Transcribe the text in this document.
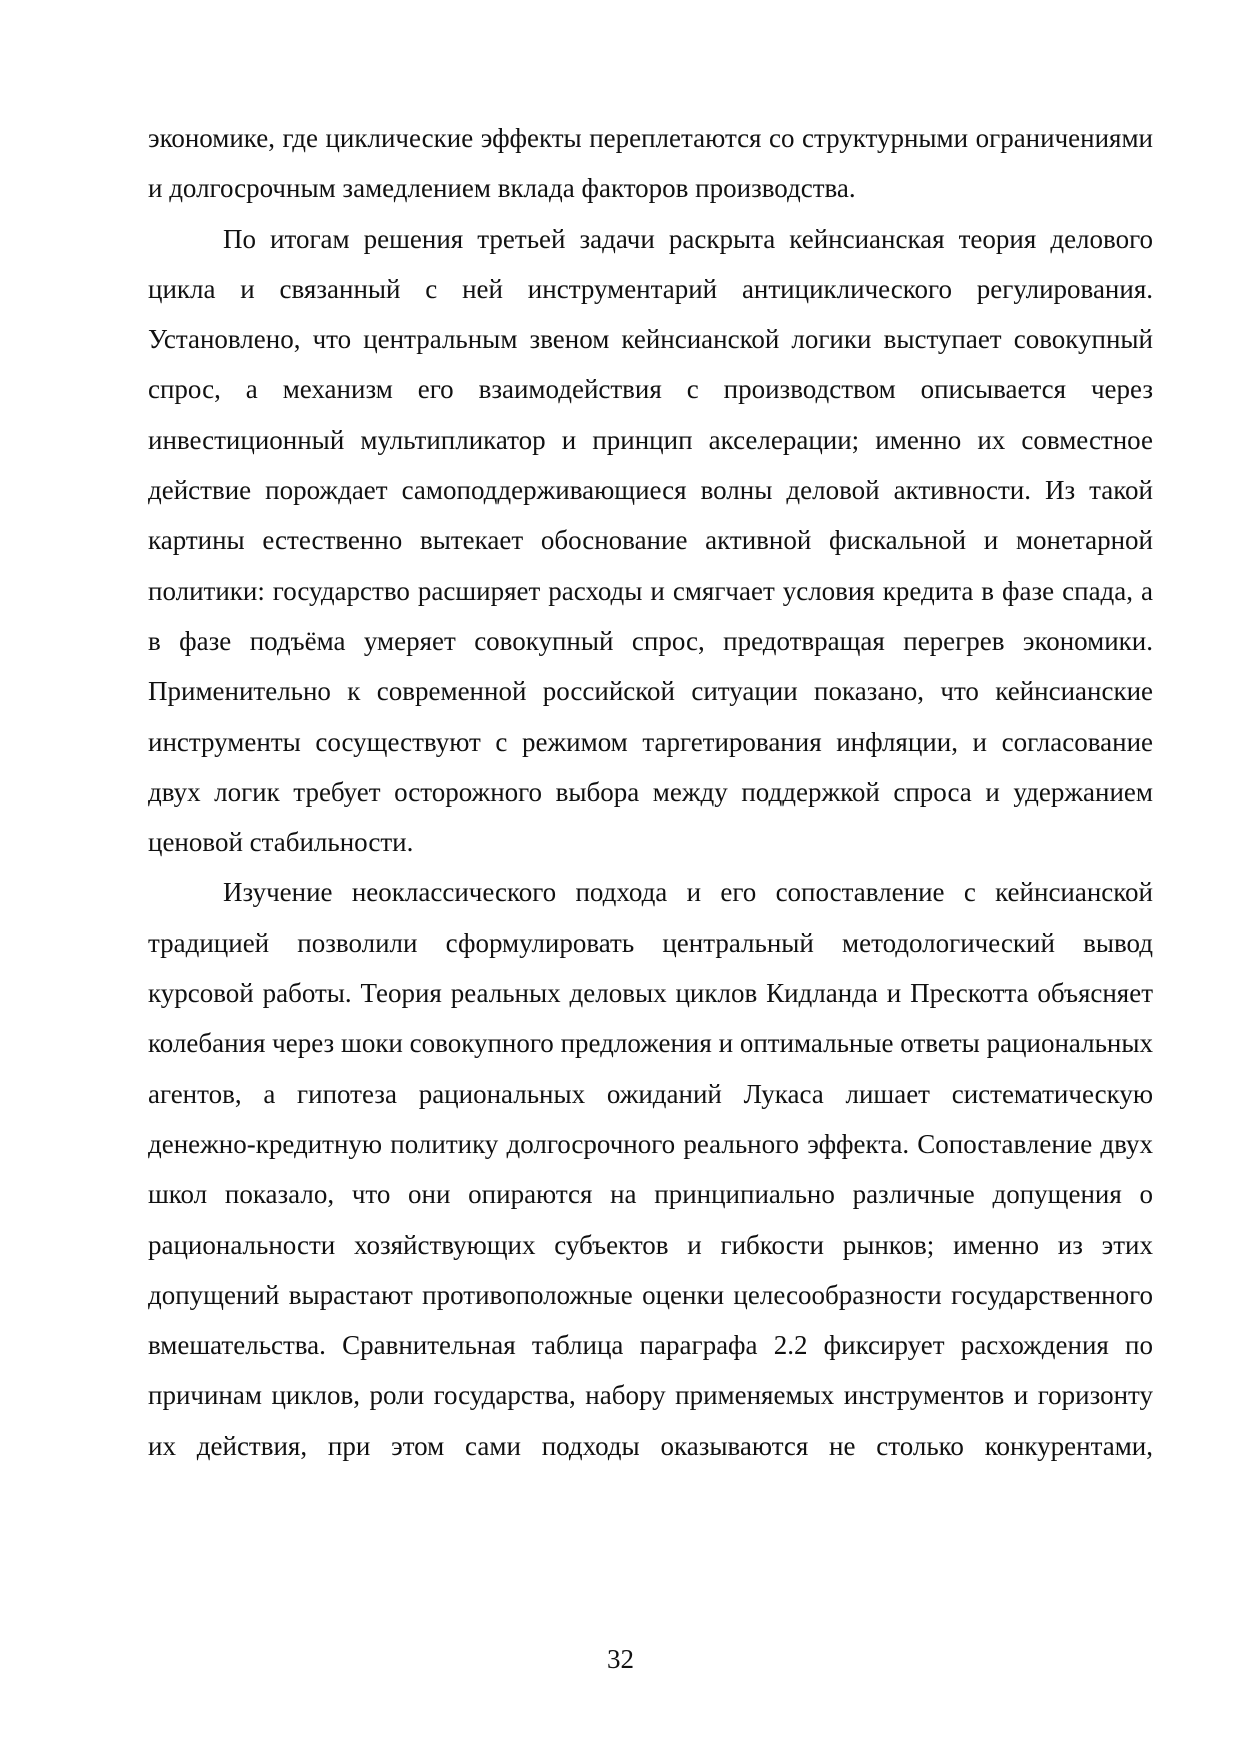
экономике, где циклические эффекты переплетаются со структурными ограничениями и долгосрочным замедлением вклада факторов производства.

По итогам решения третьей задачи раскрыта кейнсианская теория делового цикла и связанный с ней инструментарий антициклического регулирования. Установлено, что центральным звеном кейнсианской логики выступает совокупный спрос, а механизм его взаимодействия с производством описывается через инвестиционный мультипликатор и принцип акселерации; именно их совместное действие порождает самоподдерживающиеся волны деловой активности. Из такой картины естественно вытекает обоснование активной фискальной и монетарной политики: государство расширяет расходы и смягчает условия кредита в фазе спада, а в фазе подъёма умеряет совокупный спрос, предотвращая перегрев экономики. Применительно к современной российской ситуации показано, что кейнсианские инструменты сосуществуют с режимом таргетирования инфляции, и согласование двух логик требует осторожного выбора между поддержкой спроса и удержанием ценовой стабильности.

Изучение неоклассического подхода и его сопоставление с кейнсианской традицией позволили сформулировать центральный методологический вывод курсовой работы. Теория реальных деловых циклов Кидланда и Прескотта объясняет колебания через шоки совокупного предложения и оптимальные ответы рациональных агентов, а гипотеза рациональных ожиданий Лукаса лишает систематическую денежно-кредитную политику долгосрочного реального эффекта. Сопоставление двух школ показало, что они опираются на принципиально различные допущения о рациональности хозяйствующих субъектов и гибкости рынков; именно из этих допущений вырастают противоположные оценки целесообразности государственного вмешательства. Сравнительная таблица параграфа 2.2 фиксирует расхождения по причинам циклов, роли государства, набору применяемых инструментов и горизонту их действия, при этом сами подходы оказываются не столько конкурентами,

32
